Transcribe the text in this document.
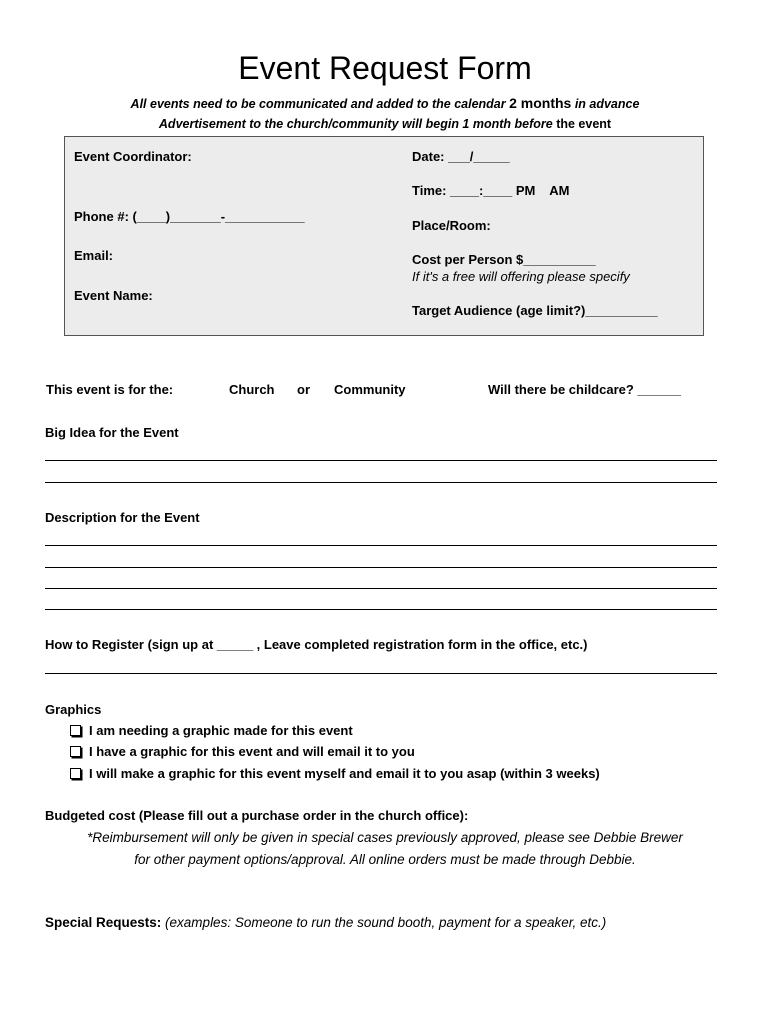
Event Request Form
All events need to be communicated and added to the calendar 2 months in advance
Advertisement to the church/community will begin 1 month before the event
Event Coordinator:
Phone #: (____)_______-___________
Email:
Event Name:
Date: ___/_____
Time: ____:____ PM    AM
Place/Room:
Cost per Person $__________
If it's a free will offering please specify
Target Audience (age limit?)__________
This event is for the:	Church or Community	Will there be childcare? ______
Big Idea for the Event
Description for the Event
How to Register (sign up at _____ , Leave completed registration form in the office, etc.)
Graphics
I am needing a graphic made for this event
I have a graphic for this event and will email it to you
I will make a graphic for this event myself and email it to you asap (within 3 weeks)
Budgeted cost (Please fill out a purchase order in the church office):
*Reimbursement will only be given in special cases previously approved, please see Debbie Brewer
for other payment options/approval. All online orders must be made through Debbie.
Special Requests: (examples: Someone to run the sound booth, payment for a speaker, etc.)
